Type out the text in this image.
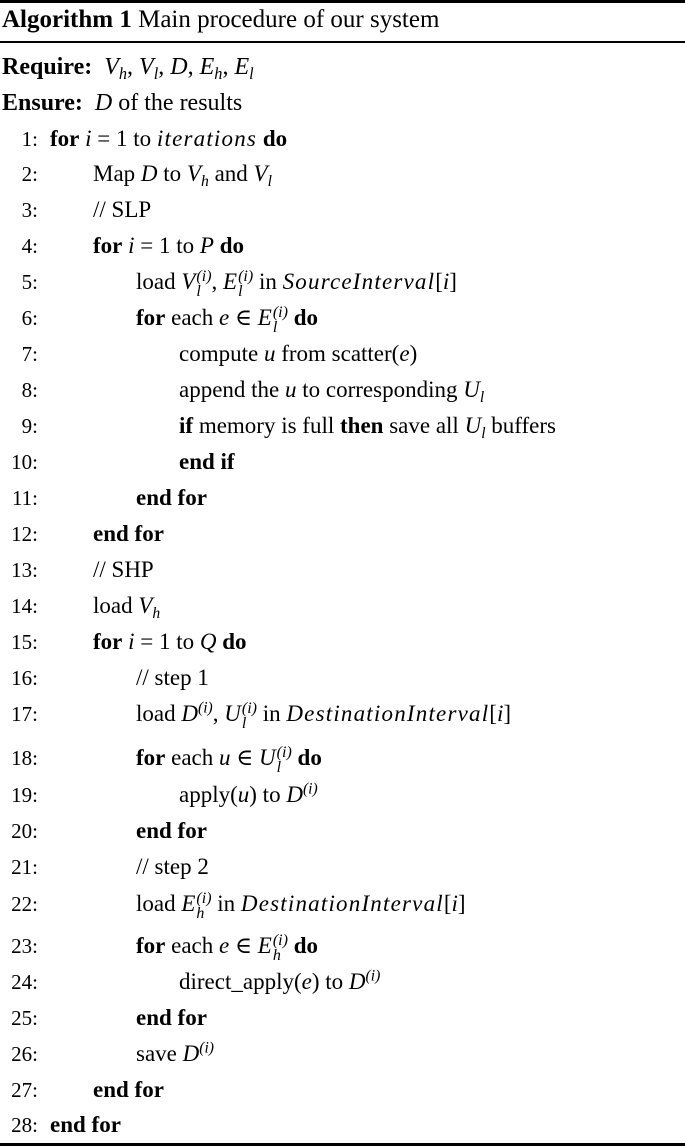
Algorithm 1 Main procedure of our system
Require: $V_h$, $V_l$, D, $E_h$, $E_l$
Ensure: D of the results
1: for i = 1 to iterations do
2: Map D to $V_h$ and $V_l$
3: // SLP
4: for i = 1 to P do
5:	load V (i)
l , E (i)
l in SourceInterval[i]
6:	for each e ∈ E (i)
l do
7:	compute u from scatter(e)
8:	append the u to corresponding $U_l$
9:	if memory is full then save all $U_l$ buffers
10:	end if
11:	end for
12: end for
13: // SHP
14: load $V_h$
15: for i = 1 to Q do
16:	// step 1
17:	load $D^{(i)}$, U (i)
l in DestinationInterval[i]
18:	for each u ∈ U (i)
l do
19:	apply(u) to $D^{(i)}$
20:	end for
21:	// step 2
22:	load E (i)
h in DestinationInterval[i]
23:	for each e ∈ E (i)
h do
24:	direct_apply(e) to $D^{(i)}$
25:	end for
26:	save $D^{(i)}$
27: end for
28: end for
